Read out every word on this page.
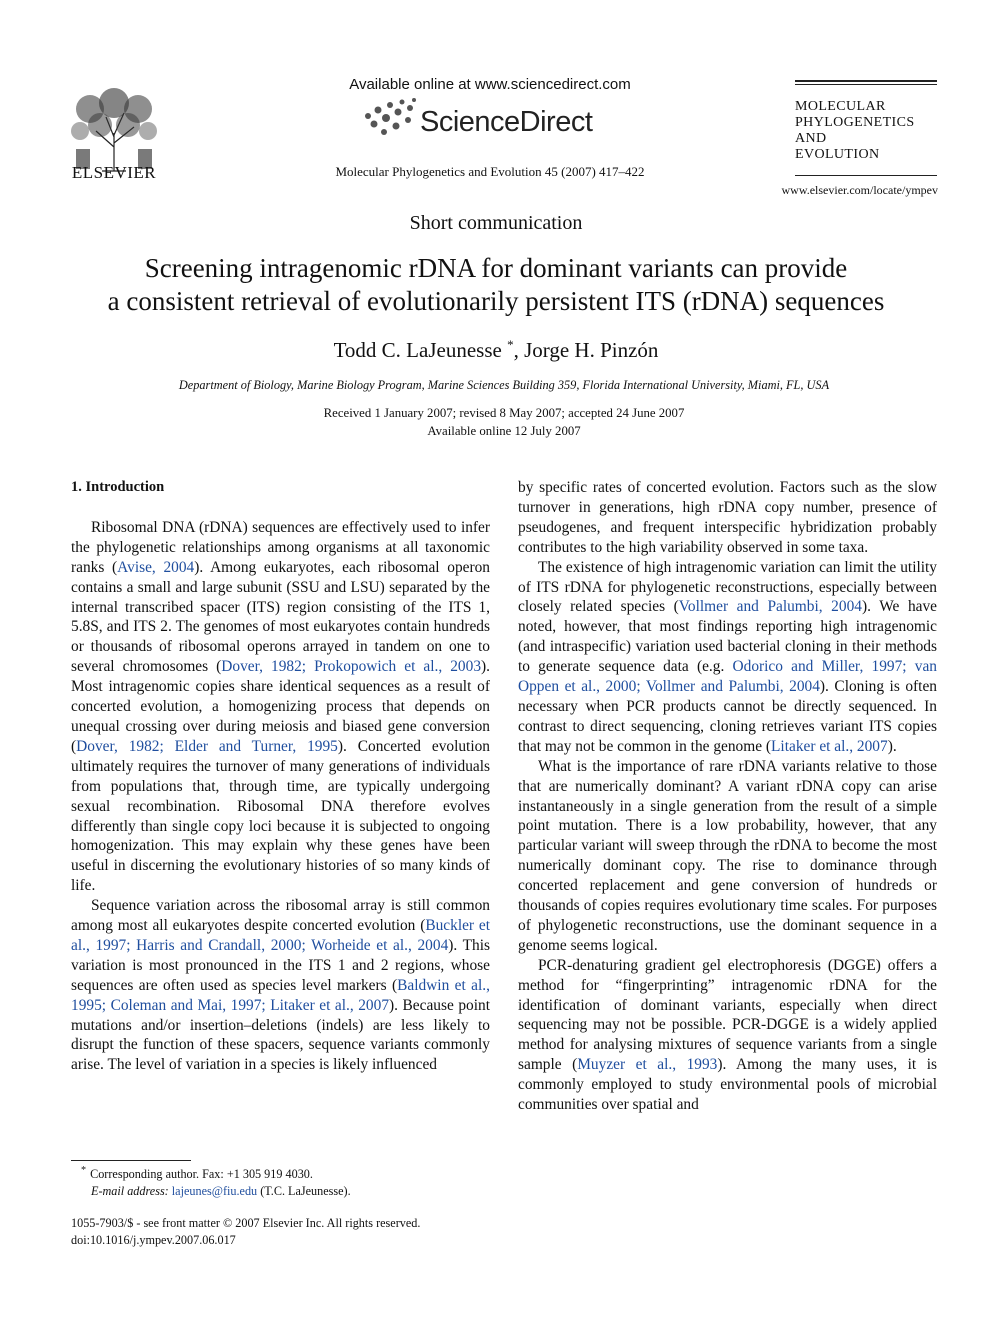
ELSEVIER
Available online at www.sciencedirect.com
ScienceDirect
Molecular Phylogenetics and Evolution 45 (2007) 417–422
MOLECULAR
PHYLOGENETICS
AND
EVOLUTION
www.elsevier.com/locate/ympev
Short communication
Screening intragenomic rDNA for dominant variants can provide
a consistent retrieval of evolutionarily persistent ITS (rDNA) sequences
Todd C. LaJeunesse *, Jorge H. Pinzón
Department of Biology, Marine Biology Program, Marine Sciences Building 359, Florida International University, Miami, FL, USA
Received 1 January 2007; revised 8 May 2007; accepted 24 June 2007
Available online 12 July 2007
1. Introduction

Ribosomal DNA (rDNA) sequences are effectively used to infer the phylogenetic relationships among organisms at all taxonomic ranks (Avise, 2004). Among eukaryotes, each ribosomal operon contains a small and large subunit (SSU and LSU) separated by the internal transcribed spacer (ITS) region consisting of the ITS 1, 5.8S, and ITS 2. The genomes of most eukaryotes contain hundreds or thousands of ribosomal operons arrayed in tandem on one to several chromosomes (Dover, 1982; Prokopowich et al., 2003). Most intragenomic copies share identical sequences as a result of concerted evolution, a homogenizing process that depends on unequal crossing over during meiosis and biased gene conversion (Dover, 1982; Elder and Turner, 1995). Concerted evolution ultimately requires the turnover of many generations of individuals from populations that, through time, are typically undergoing sexual recombination. Ribosomal DNA therefore evolves differently than single copy loci because it is subjected to ongoing homogenization. This may explain why these genes have been useful in discerning the evolutionary histories of so many kinds of life.

Sequence variation across the ribosomal array is still common among most all eukaryotes despite concerted evolution (Buckler et al., 1997; Harris and Crandall, 2000; Worheide et al., 2004). This variation is most pronounced in the ITS 1 and 2 regions, whose sequences are often used as species level markers (Baldwin et al., 1995; Coleman and Mai, 1997; Litaker et al., 2007). Because point mutations and/or insertion–deletions (indels) are less likely to disrupt the function of these spacers, sequence variants commonly arise. The level of variation in a species is likely influenced

by specific rates of concerted evolution. Factors such as the slow turnover in generations, high rDNA copy number, presence of pseudogenes, and frequent interspecific hybridization probably contributes to the high variability observed in some taxa.

The existence of high intragenomic variation can limit the utility of ITS rDNA for phylogenetic reconstructions, especially between closely related species (Vollmer and Palumbi, 2004). We have noted, however, that most findings reporting high intragenomic (and intraspecific) variation used bacterial cloning in their methods to generate sequence data (e.g. Odorico and Miller, 1997; van Oppen et al., 2000; Vollmer and Palumbi, 2004). Cloning is often necessary when PCR products cannot be directly sequenced. In contrast to direct sequencing, cloning retrieves variant ITS copies that may not be common in the genome (Litaker et al., 2007).

What is the importance of rare rDNA variants relative to those that are numerically dominant? A variant rDNA copy can arise instantaneously in a single generation from the result of a simple point mutation. There is a low probability, however, that any particular variant will sweep through the rDNA to become the most numerically dominant copy. The rise to dominance through concerted replacement and gene conversion of hundreds or thousands of copies requires evolutionary time scales. For purposes of phylogenetic reconstructions, use the dominant sequence in a genome seems logical.

PCR-denaturing gradient gel electrophoresis (DGGE) offers a method for “fingerprinting” intragenomic rDNA for the identification of dominant variants, especially when direct sequencing may not be possible. PCR-DGGE is a widely applied method for analysing mixtures of sequence variants from a single sample (Muyzer et al., 1993). Among the many uses, it is commonly employed to study environmental pools of microbial communities over spatial and

* Corresponding author. Fax: +1 305 919 4030.
E-mail address: lajeunes@fiu.edu (T.C. LaJeunesse).
1055-7903/$ - see front matter © 2007 Elsevier Inc. All rights reserved.
doi:10.1016/j.ympev.2007.06.017
